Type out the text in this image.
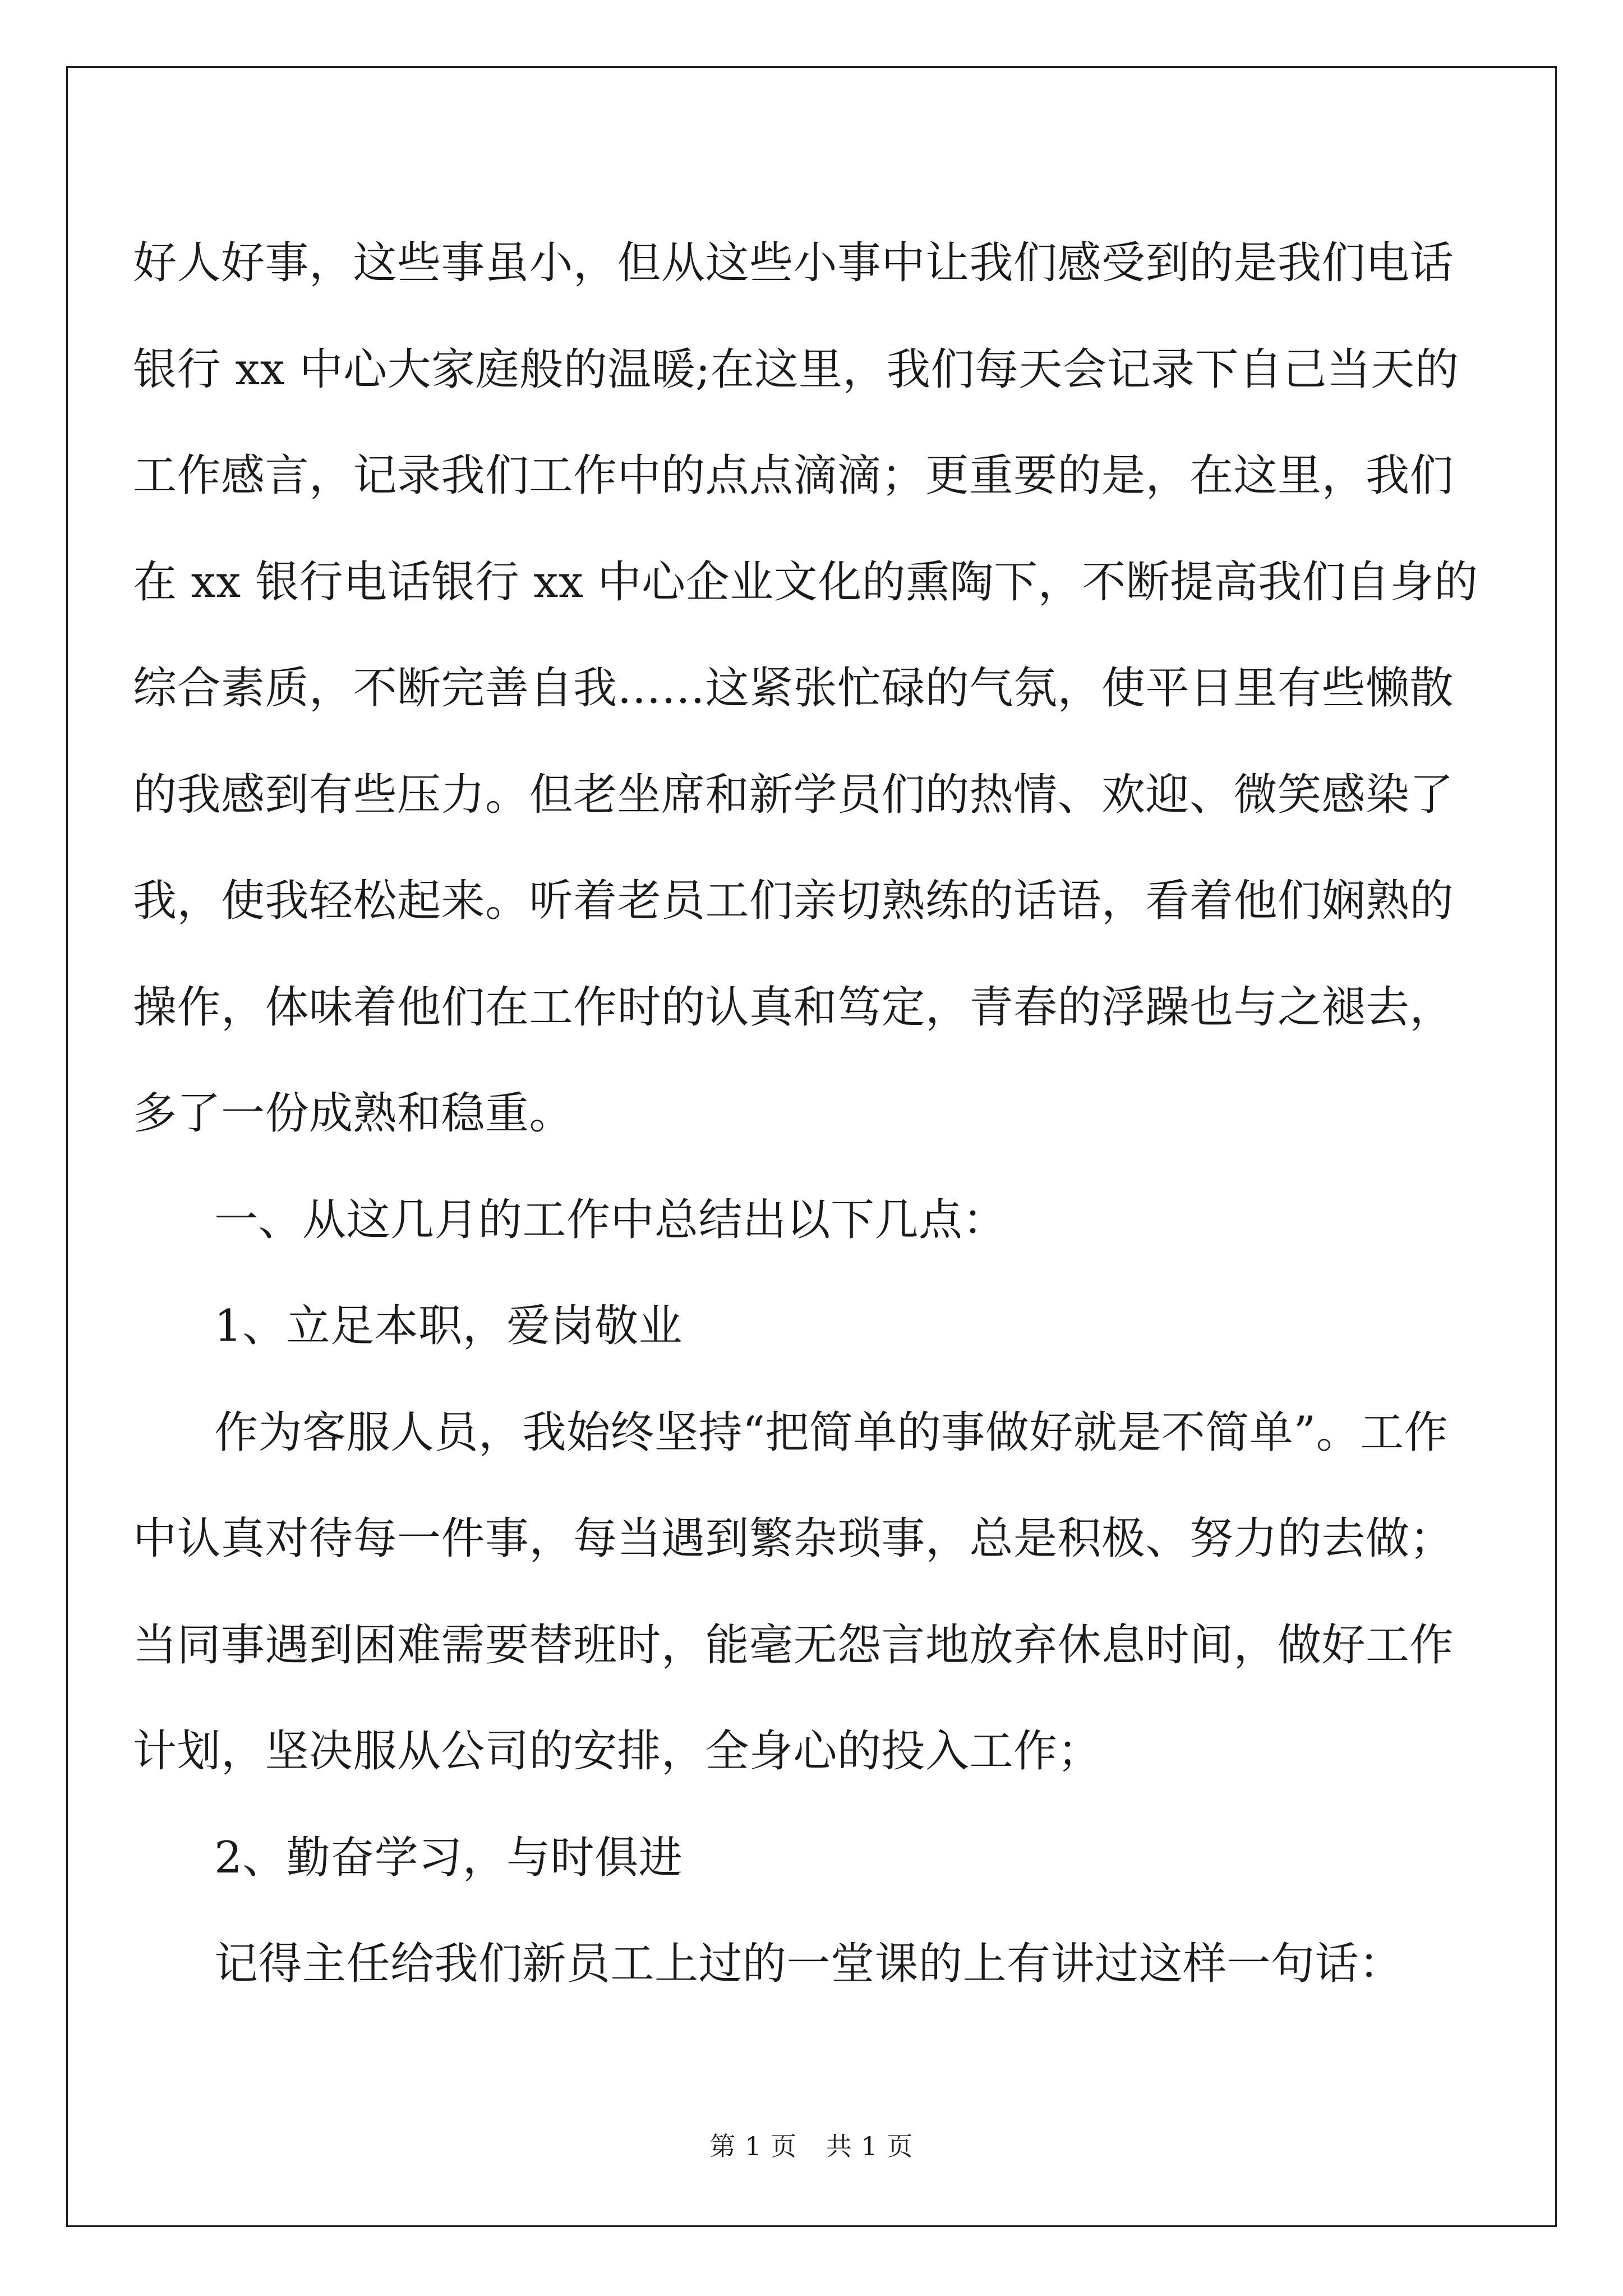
好人好事，这些事虽小，但从这些小事中让我们感受到的是我们电话
银行 xx 中心大家庭般的温暖;在这里，我们每天会记录下自己当天的
工作感言，记录我们工作中的点点滴滴；更重要的是，在这里，我们
在 xx 银行电话银行 xx 中心企业文化的熏陶下，不断提高我们自身的
综合素质，不断完善自我……这紧张忙碌的气氛，使平日里有些懒散
的我感到有些压力。但老坐席和新学员们的热情、欢迎、微笑感染了
我，使我轻松起来。听着老员工们亲切熟练的话语，看着他们娴熟的
操作，体味着他们在工作时的认真和笃定，青春的浮躁也与之褪去，
多了一份成熟和稳重。
一、从这几月的工作中总结出以下几点：
1、立足本职，爱岗敬业
作为客服人员，我始终坚持“把简单的事做好就是不简单”。工作
中认真对待每一件事，每当遇到繁杂琐事，总是积极、努力的去做；
当同事遇到困难需要替班时，能毫无怨言地放弃休息时间，做好工作
计划，坚决服从公司的安排，全身心的投入工作；
2、勤奋学习，与时俱进
记得主任给我们新员工上过的一堂课的上有讲过这样一句话：
第 1 页 共 1 页
